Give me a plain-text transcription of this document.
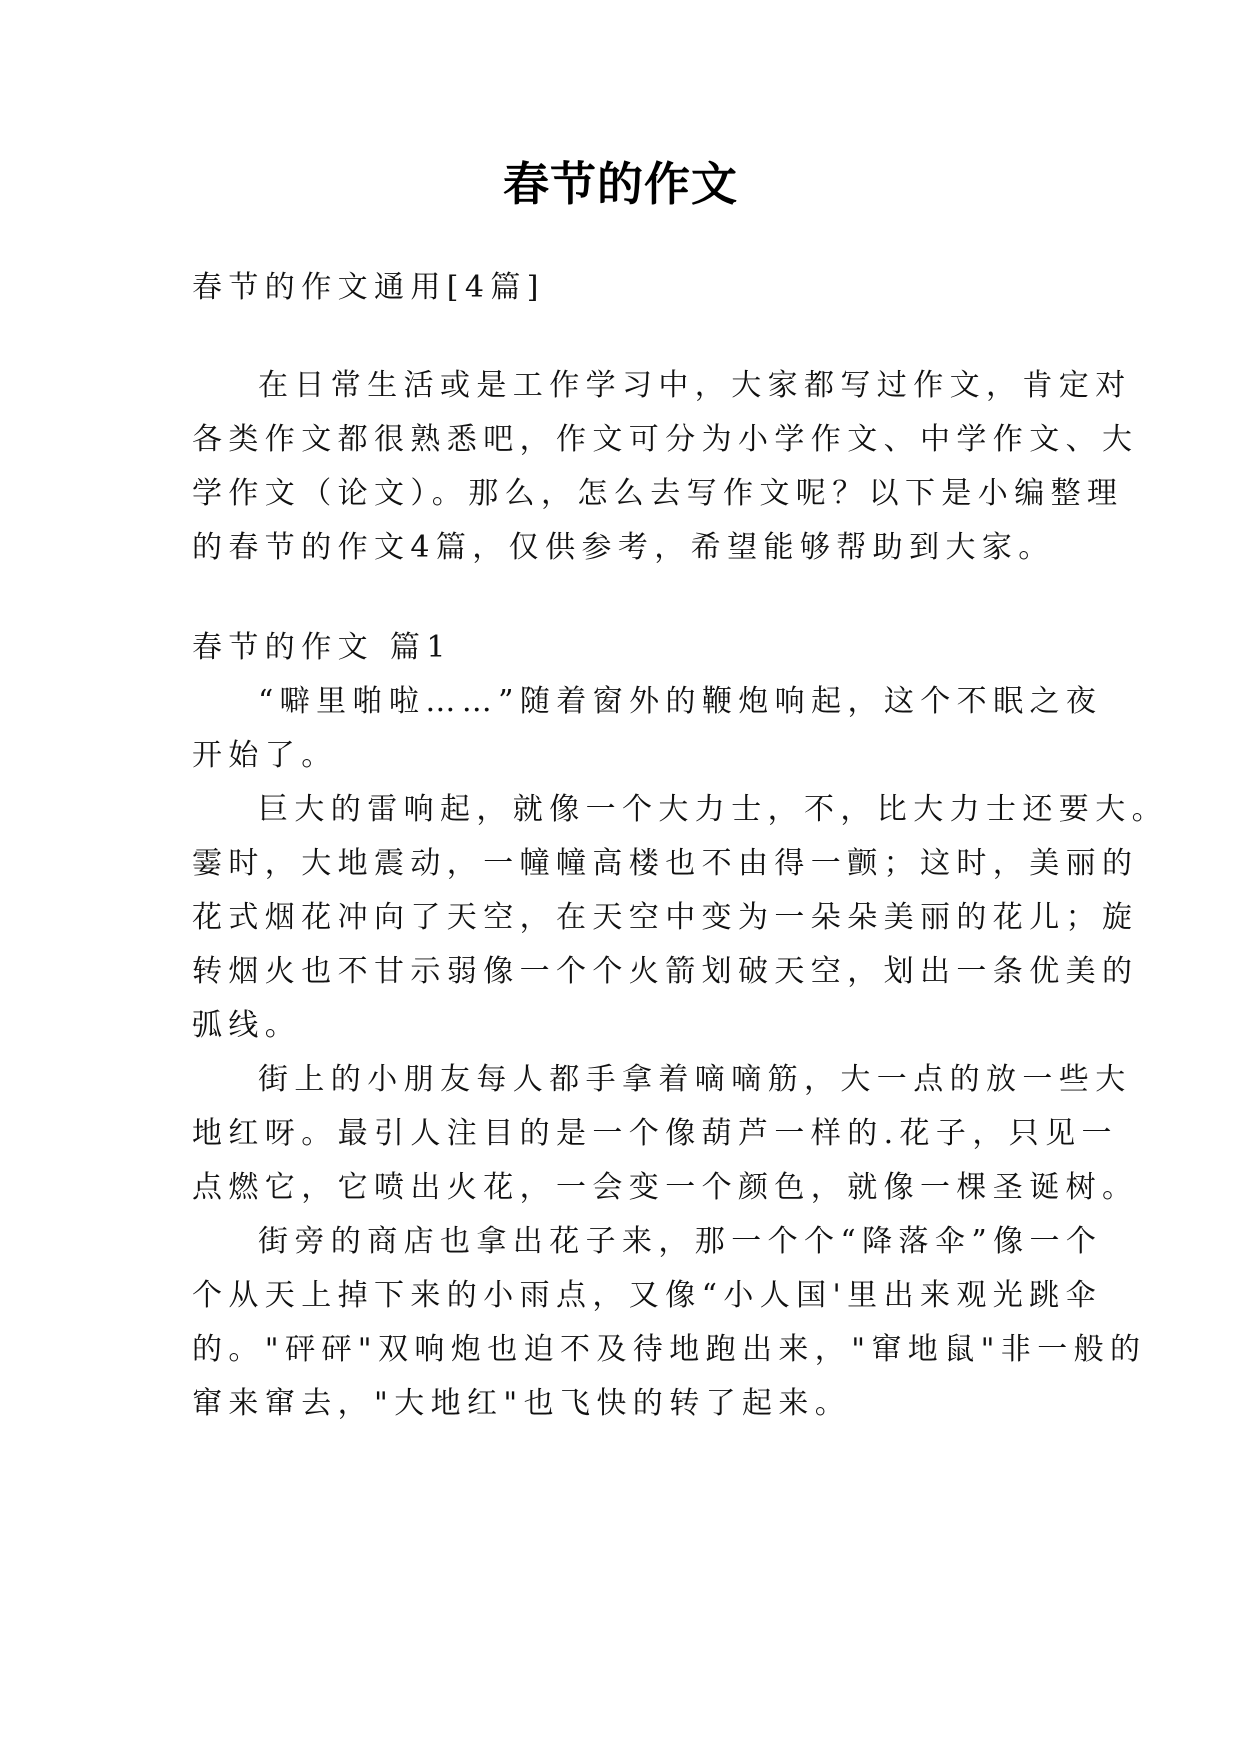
春节的作文

春节的作文通用[4篇]

在日常生活或是工作学习中，大家都写过作文，肯定对

各类作文都很熟悉吧，作文可分为小学作文、中学作文、大

学作文（论文）。那么，怎么去写作文呢？以下是小编整理

的春节的作文4篇，仅供参考，希望能够帮助到大家。

春节的作文 篇1

“噼里啪啦……”随着窗外的鞭炮响起，这个不眠之夜

开始了。

巨大的雷响起，就像一个大力士，不，比大力士还要大。

霎时，大地震动，一幢幢高楼也不由得一颤；这时，美丽的

花式烟花冲向了天空，在天空中变为一朵朵美丽的花儿；旋

转烟火也不甘示弱像一个个火箭划破天空，划出一条优美的

弧线。

街上的小朋友每人都手拿着嘀嘀筋，大一点的放一些大

地红呀。最引人注目的是一个像葫芦一样的.花子，只见一

点燃它，它喷出火花，一会变一个颜色，就像一棵圣诞树。

街旁的商店也拿出花子来，那一个个“降落伞”像一个

个从天上掉下来的小雨点，又像“小人国'里出来观光跳伞

的。"砰砰"双响炮也迫不及待地跑出来，"窜地鼠"非一般的

窜来窜去，"大地红"也飞快的转了起来。
